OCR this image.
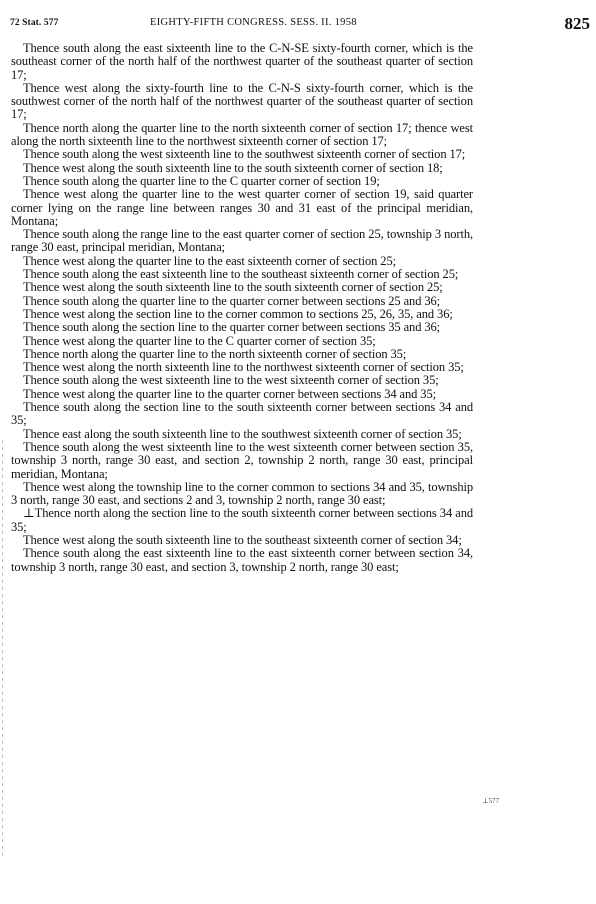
72 Stat. 577	EIGHTY-FIFTH CONGRESS. SESS. II. 1958	825

Thence south along the east sixteenth line to the C-N-SE sixty-fourth corner, which is the southeast corner of the north half of the northwest quarter of the southeast quarter of section 17;

Thence west along the sixty-fourth line to the C-N-S sixty-fourth corner, which is the southwest corner of the north half of the northwest quarter of the southeast quarter of section 17;

Thence north along the quarter line to the north sixteenth corner of section 17; thence west along the north sixteenth line to the northwest sixteenth corner of section 17;

Thence south along the west sixteenth line to the southwest sixteenth corner of section 17;

Thence west along the south sixteenth line to the south sixteenth corner of section 18;

Thence south along the quarter line to the C quarter corner of section 19;

Thence west along the quarter line to the west quarter corner of section 19, said quarter corner lying on the range line between ranges 30 and 31 east of the principal meridian, Montana;

Thence south along the range line to the east quarter corner of section 25, township 3 north, range 30 east, principal meridian, Montana;

Thence west along the quarter line to the east sixteenth corner of section 25;

Thence south along the east sixteenth line to the southeast sixteenth corner of section 25;

Thence west along the south sixteenth line to the south sixteenth corner of section 25;

Thence south along the quarter line to the quarter corner between sections 25 and 36;

Thence west along the section line to the corner common to sections 25, 26, 35, and 36;

Thence south along the section line to the quarter corner between sections 35 and 36;

Thence west along the quarter line to the C quarter corner of section 35;

Thence north along the quarter line to the north sixteenth corner of section 35;

Thence west along the north sixteenth line to the northwest sixteenth corner of section 35;

Thence south along the west sixteenth line to the west sixteenth corner of section 35;

Thence west along the quarter line to the quarter corner between sections 34 and 35;

Thence south along the section line to the south sixteenth corner between sections 34 and 35;

Thence east along the south sixteenth line to the southwest sixteenth corner of section 35;

Thence south along the west sixteenth line to the west sixteenth corner between section 35, township 3 north, range 30 east, and section 2, township 2 north, range 30 east, principal meridian, Montana;

Thence west along the township line to the corner common to sections 34 and 35, township 3 north, range 30 east, and sections 2 and 3, township 2 north, range 30 east;

⊥Thence north along the section line to the south sixteenth corner between sections 34 and 35;

Thence west along the south sixteenth line to the southeast sixteenth corner of section 34;

Thence south along the east sixteenth line to the east sixteenth corner between section 34, township 3 north, range 30 east, and section 3, township 2 north, range 30 east;

⊥577
